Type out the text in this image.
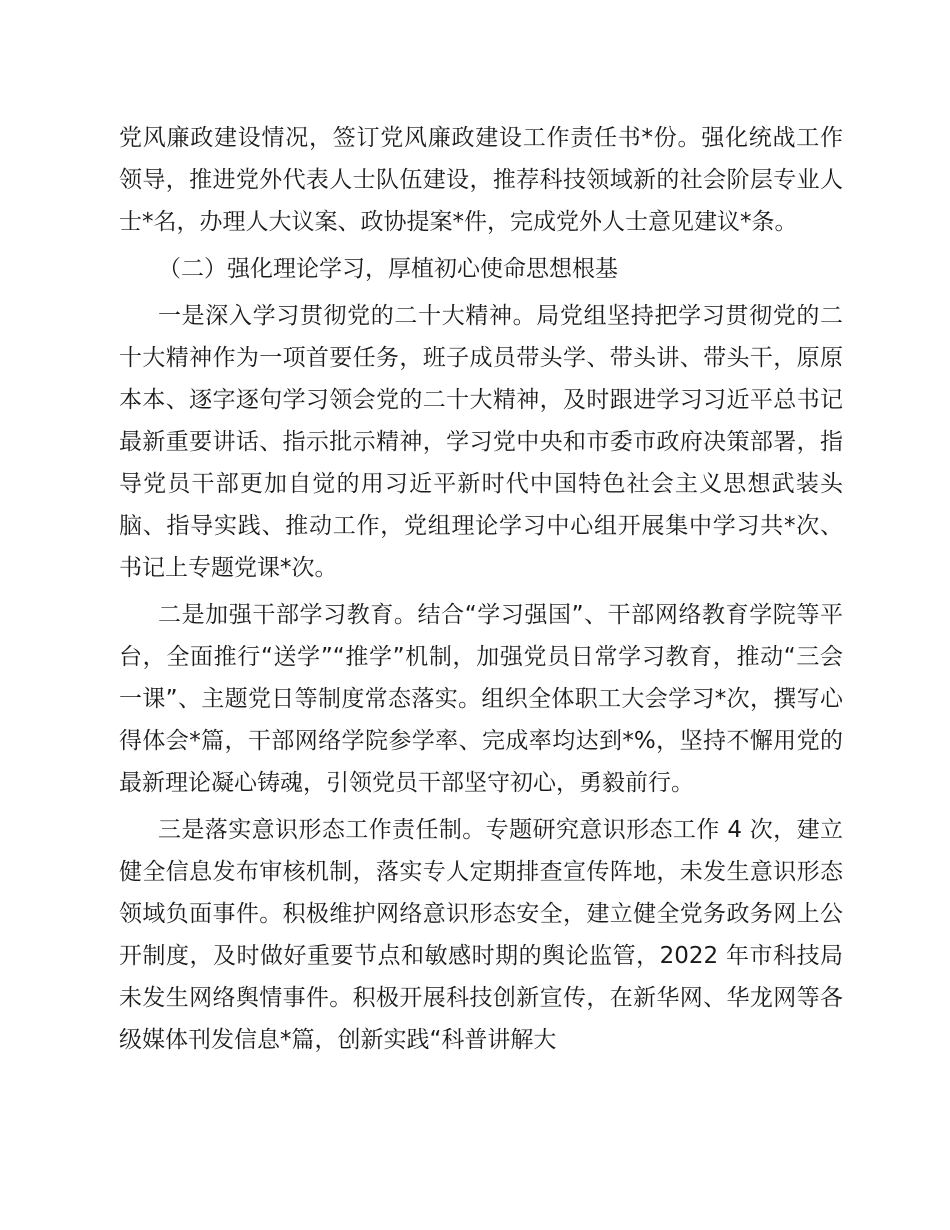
党风廉政建设情况，签订党风廉政建设工作责任书*份。强化统战工作领导，推进党外代表人士队伍建设，推荐科技领域新的社会阶层专业人士*名，办理人大议案、政协提案*件，完成党外人士意见建议*条。

（二）强化理论学习，厚植初心使命思想根基

一是深入学习贯彻党的二十大精神。局党组坚持把学习贯彻党的二十大精神作为一项首要任务，班子成员带头学、带头讲、带头干，原原本本、逐字逐句学习领会党的二十大精神，及时跟进学习习近平总书记最新重要讲话、指示批示精神，学习党中央和市委市政府决策部署，指导党员干部更加自觉的用习近平新时代中国特色社会主义思想武装头脑、指导实践、推动工作，党组理论学习中心组开展集中学习共*次、书记上专题党课*次。

二是加强干部学习教育。结合“学习强国”、干部网络教育学院等平台，全面推行“送学”“推学”机制，加强党员日常学习教育，推动“三会一课”、主题党日等制度常态落实。组织全体职工大会学习*次，撰写心得体会*篇，干部网络学院参学率、完成率均达到*%，坚持不懈用党的最新理论凝心铸魂，引领党员干部坚守初心，勇毅前行。

三是落实意识形态工作责任制。专题研究意识形态工作 4 次，建立健全信息发布审核机制，落实专人定期排查宣传阵地，未发生意识形态领域负面事件。积极维护网络意识形态安全，建立健全党务政务网上公开制度，及时做好重要节点和敏感时期的舆论监管，2022 年市科技局未发生网络舆情事件。积极开展科技创新宣传，在新华网、华龙网等各级媒体刊发信息*篇，创新实践“科普讲解大
